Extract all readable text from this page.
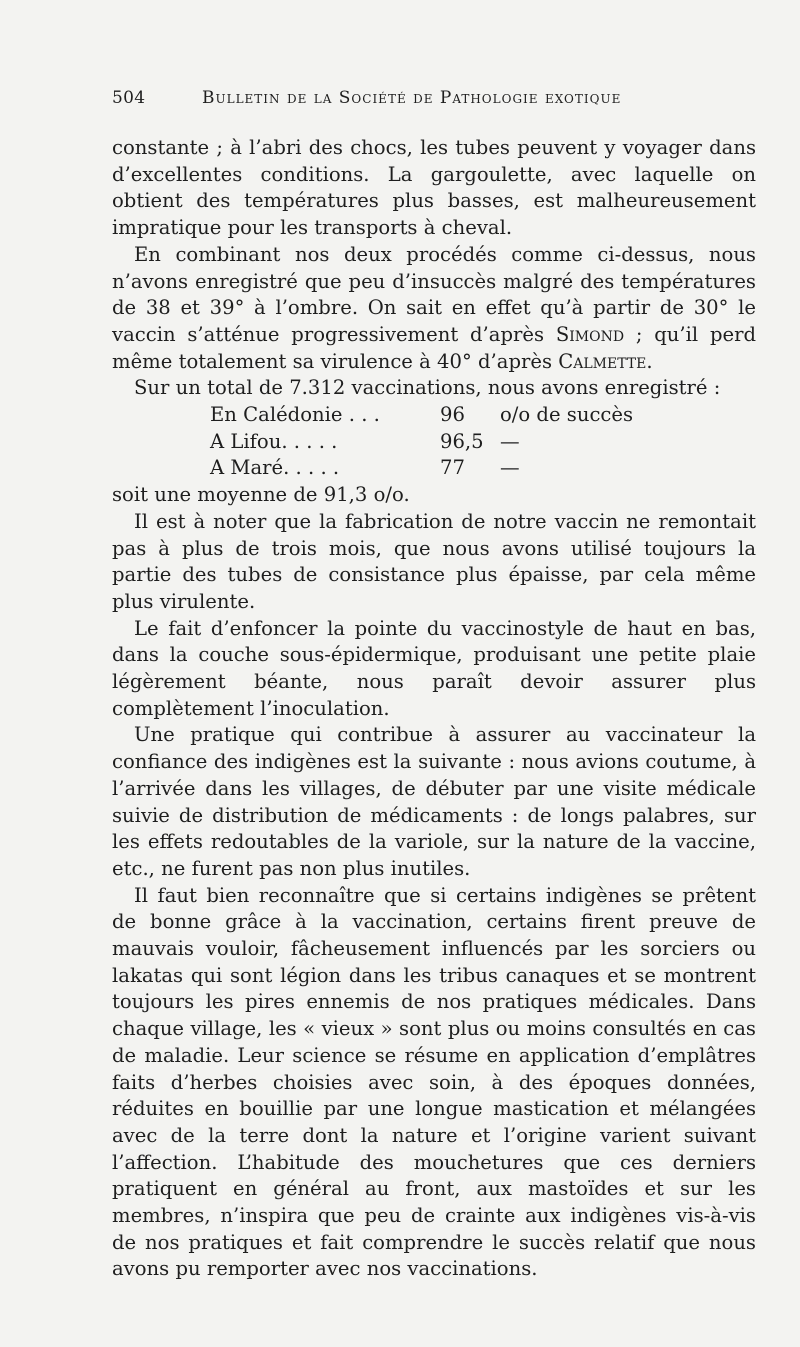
504	Bulletin de la Société de Pathologie exotique

constante ; à l’abri des chocs, les tubes peuvent y voyager dans d’excellentes conditions. La gargoulette, avec laquelle on obtient des températures plus basses, est malheureusement impratique pour les transports à cheval.

En combinant nos deux procédés comme ci-dessus, nous n’avons enregistré que peu d’insuccès malgré des températures de 38 et 39° à l’ombre. On sait en effet qu’à partir de 30° le vaccin s’atténue progressivement d’après Simond ; qu’il perd même totalement sa virulence à 40° d’après Calmette.

Sur un total de 7.312 vaccinations, nous avons enregistré :

En Calédonie . . .	96 o/o de succès
A Lifou. . . . .	96,5 —
A Maré. . . . .	77 —

soit une moyenne de 91,3 o/o.

Il est à noter que la fabrication de notre vaccin ne remontait pas à plus de trois mois, que nous avons utilisé toujours la partie des tubes de consistance plus épaisse, par cela même plus virulente.

Le fait d’enfoncer la pointe du vaccinostyle de haut en bas, dans la couche sous-épidermique, produisant une petite plaie légèrement béante, nous paraît devoir assurer plus complètement l’inoculation.

Une pratique qui contribue à assurer au vaccinateur la confiance des indigènes est la suivante : nous avions coutume, à l’arrivée dans les villages, de débuter par une visite médicale suivie de distribution de médicaments : de longs palabres, sur les effets redoutables de la variole, sur la nature de la vaccine, etc., ne furent pas non plus inutiles.

Il faut bien reconnaître que si certains indigènes se prêtent de bonne grâce à la vaccination, certains firent preuve de mauvais vouloir, fâcheusement influencés par les sorciers ou lakatas qui sont légion dans les tribus canaques et se montrent toujours les pires ennemis de nos pratiques médicales. Dans chaque village, les « vieux » sont plus ou moins consultés en cas de maladie. Leur science se résume en application d’emplâtres faits d’herbes choisies avec soin, à des époques données, réduites en bouillie par une longue mastication et mélangées avec de la terre dont la nature et l’origine varient suivant l’affection. L’habitude des mouchetures que ces derniers pratiquent en général au front, aux mastoïdes et sur les membres, n’inspira que peu de crainte aux indigènes vis-à-vis de nos pratiques et fait comprendre le succès relatif que nous avons pu remporter avec nos vaccinations.
